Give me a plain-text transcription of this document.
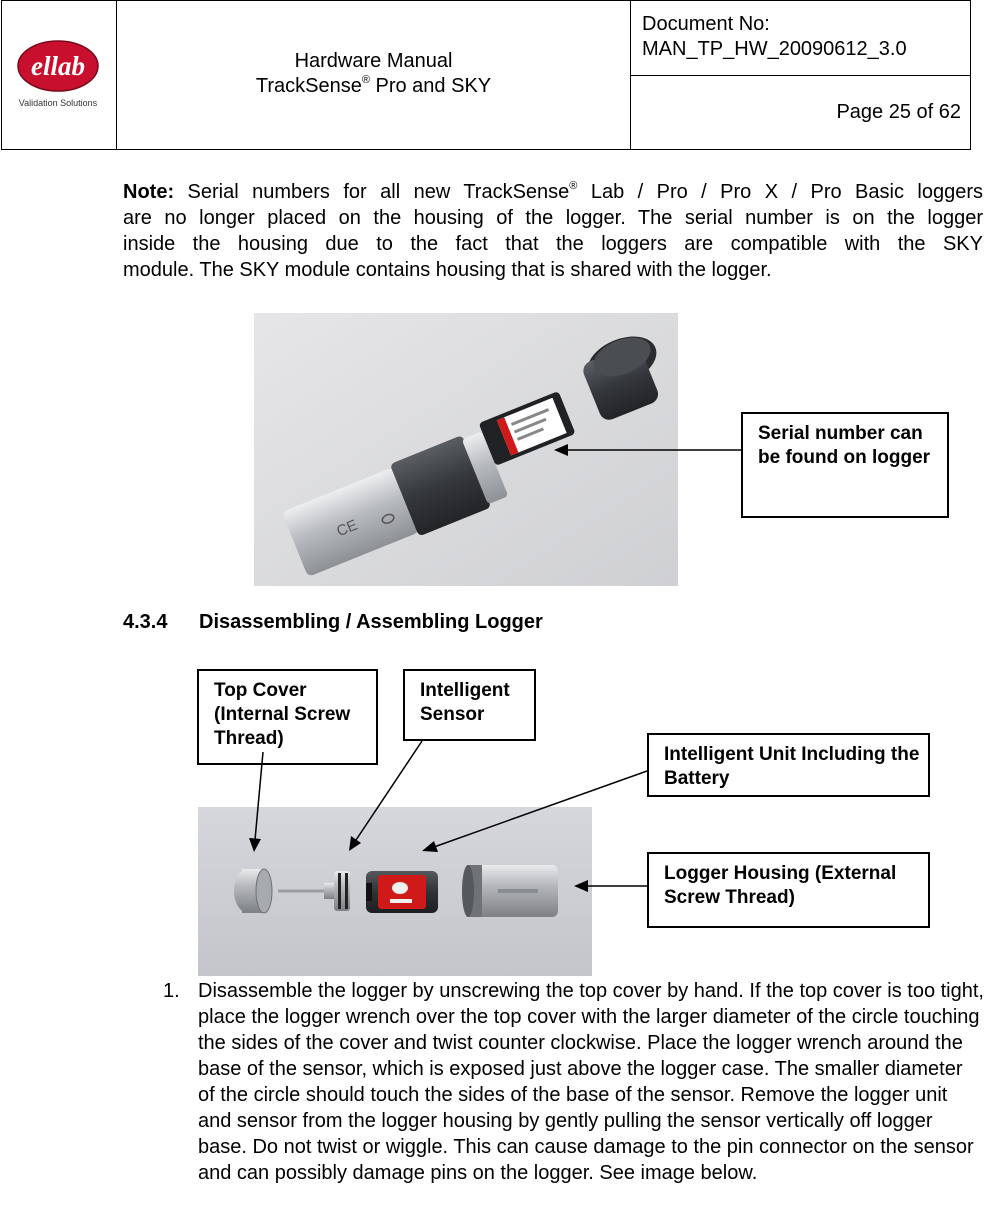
ellab
Validation Solutions
Hardware Manual
TrackSense® Pro and SKY
Document No:
MAN_TP_HW_20090612_3.0
Page 25 of 62
Note: Serial numbers for all new TrackSense® Lab / Pro / Pro X / Pro Basic loggers
are no longer placed on the housing of the logger. The serial number is on the logger
inside the housing due to the fact that the loggers are compatible with the SKY
module. The SKY module contains housing that is shared with the logger.
CE
Serial number can be found on logger
4.3.4 Disassembling / Assembling Logger
Top Cover (Internal Screw Thread)
Intelligent Sensor
Intelligent Unit Including the Battery
Logger Housing (External Screw Thread)
1. Disassemble the logger by unscrewing the top cover by hand. If the top cover is too tight, place the logger wrench over the top cover with the larger diameter of the circle touching the sides of the cover and twist counter clockwise. Place the logger wrench around the base of the sensor, which is exposed just above the logger case. The smaller diameter of the circle should touch the sides of the base of the sensor. Remove the logger unit and sensor from the logger housing by gently pulling the sensor vertically off logger base. Do not twist or wiggle. This can cause damage to the pin connector on the sensor and can possibly damage pins on the logger. See image below.
